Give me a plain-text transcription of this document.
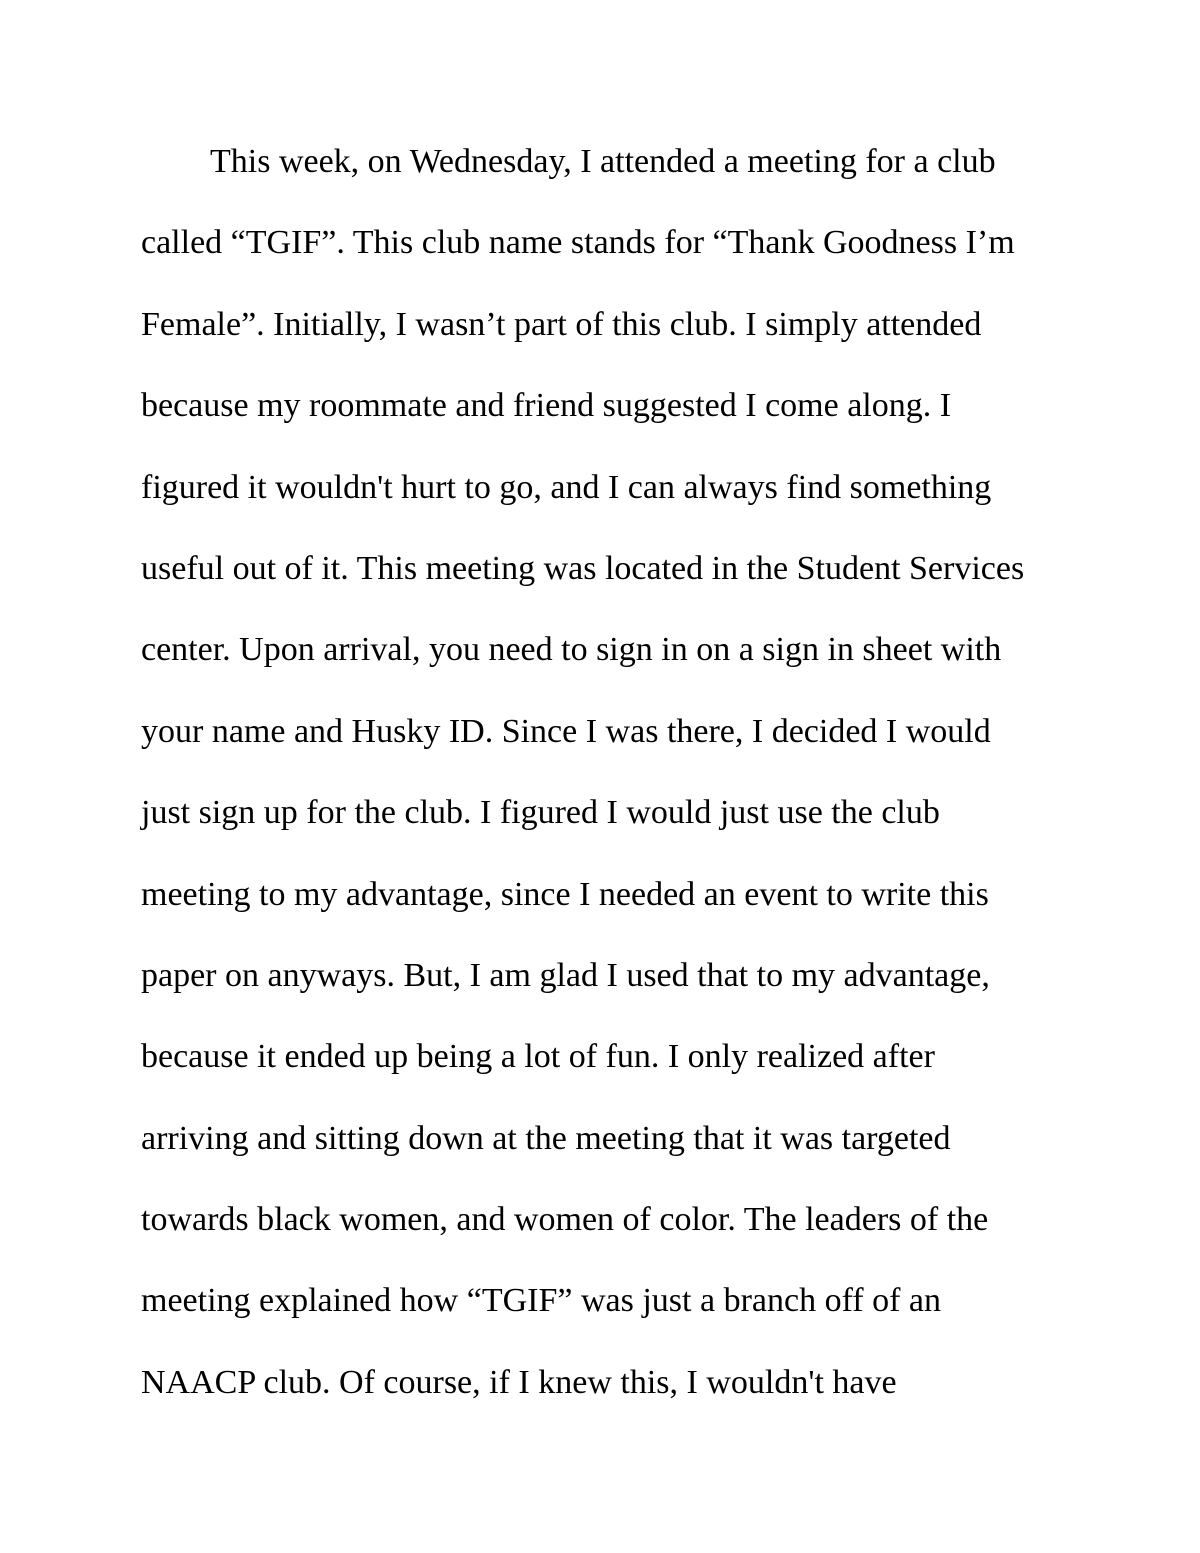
This week, on Wednesday, I attended a meeting for a club
called “TGIF”. This club name stands for “Thank Goodness I’m
Female”. Initially, I wasn’t part of this club. I simply attended
because my roommate and friend suggested I come along. I
figured it wouldn't hurt to go, and I can always find something
useful out of it. This meeting was located in the Student Services
center. Upon arrival, you need to sign in on a sign in sheet with
your name and Husky ID. Since I was there, I decided I would
just sign up for the club. I figured I would just use the club
meeting to my advantage, since I needed an event to write this
paper on anyways. But, I am glad I used that to my advantage,
because it ended up being a lot of fun. I only realized after
arriving and sitting down at the meeting that it was targeted
towards black women, and women of color. The leaders of the
meeting explained how “TGIF” was just a branch off of an
NAACP club. Of course, if I knew this, I wouldn't have
